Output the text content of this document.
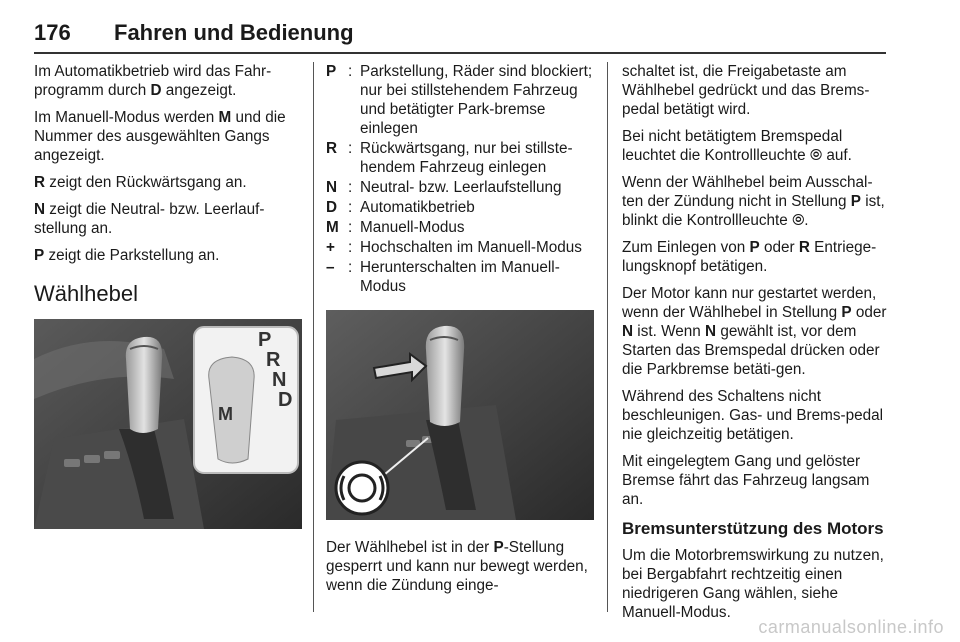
176 Fahren und Bedienung

Im Automatikbetrieb wird das Fahr-programm durch D angezeigt.

Im Manuell-Modus werden M und die Nummer des ausgewählten Gangs angezeigt.

R zeigt den Rückwärtsgang an.

N zeigt die Neutral- bzw. Leerlauf-stellung an.

P zeigt die Parkstellung an.

Wählhebel
P
R
N
D
M
P : Parkstellung, Räder sind blockiert; nur bei stillstehendem Fahrzeug und betätigter Park-bremse einlegen
R : Rückwärtsgang, nur bei stillste-hendem Fahrzeug einlegen
N : Neutral- bzw. Leerlaufstellung
D : Automatikbetrieb
M : Manuell-Modus
+ : Hochschalten im Manuell-Modus
– : Herunterschalten im Manuell-Modus

Der Wählhebel ist in der P-Stellung gesperrt und kann nur bewegt werden, wenn die Zündung einge-

schaltet ist, die Freigabetaste am Wählhebel gedrückt und das Brems-pedal betätigt wird.

Bei nicht betätigtem Bremspedal leuchtet die Kontrollleuchte ⦾ auf.

Wenn der Wählhebel beim Ausschal-ten der Zündung nicht in Stellung P ist, blinkt die Kontrollleuchte ⦾.

Zum Einlegen von P oder R Entriege-lungsknopf betätigen.

Der Motor kann nur gestartet werden, wenn der Wählhebel in Stellung P oder N ist. Wenn N gewählt ist, vor dem Starten das Bremspedal drücken oder die Parkbremse betäti-gen.

Während des Schaltens nicht beschleunigen. Gas- und Brems-pedal nie gleichzeitig betätigen.

Mit eingelegtem Gang und gelöster Bremse fährt das Fahrzeug langsam an.

Bremsunterstützung des Motors

Um die Motorbremswirkung zu nutzen, bei Bergabfahrt rechtzeitig einen niedrigeren Gang wählen, siehe Manuell-Modus.

carmanualsonline.info
